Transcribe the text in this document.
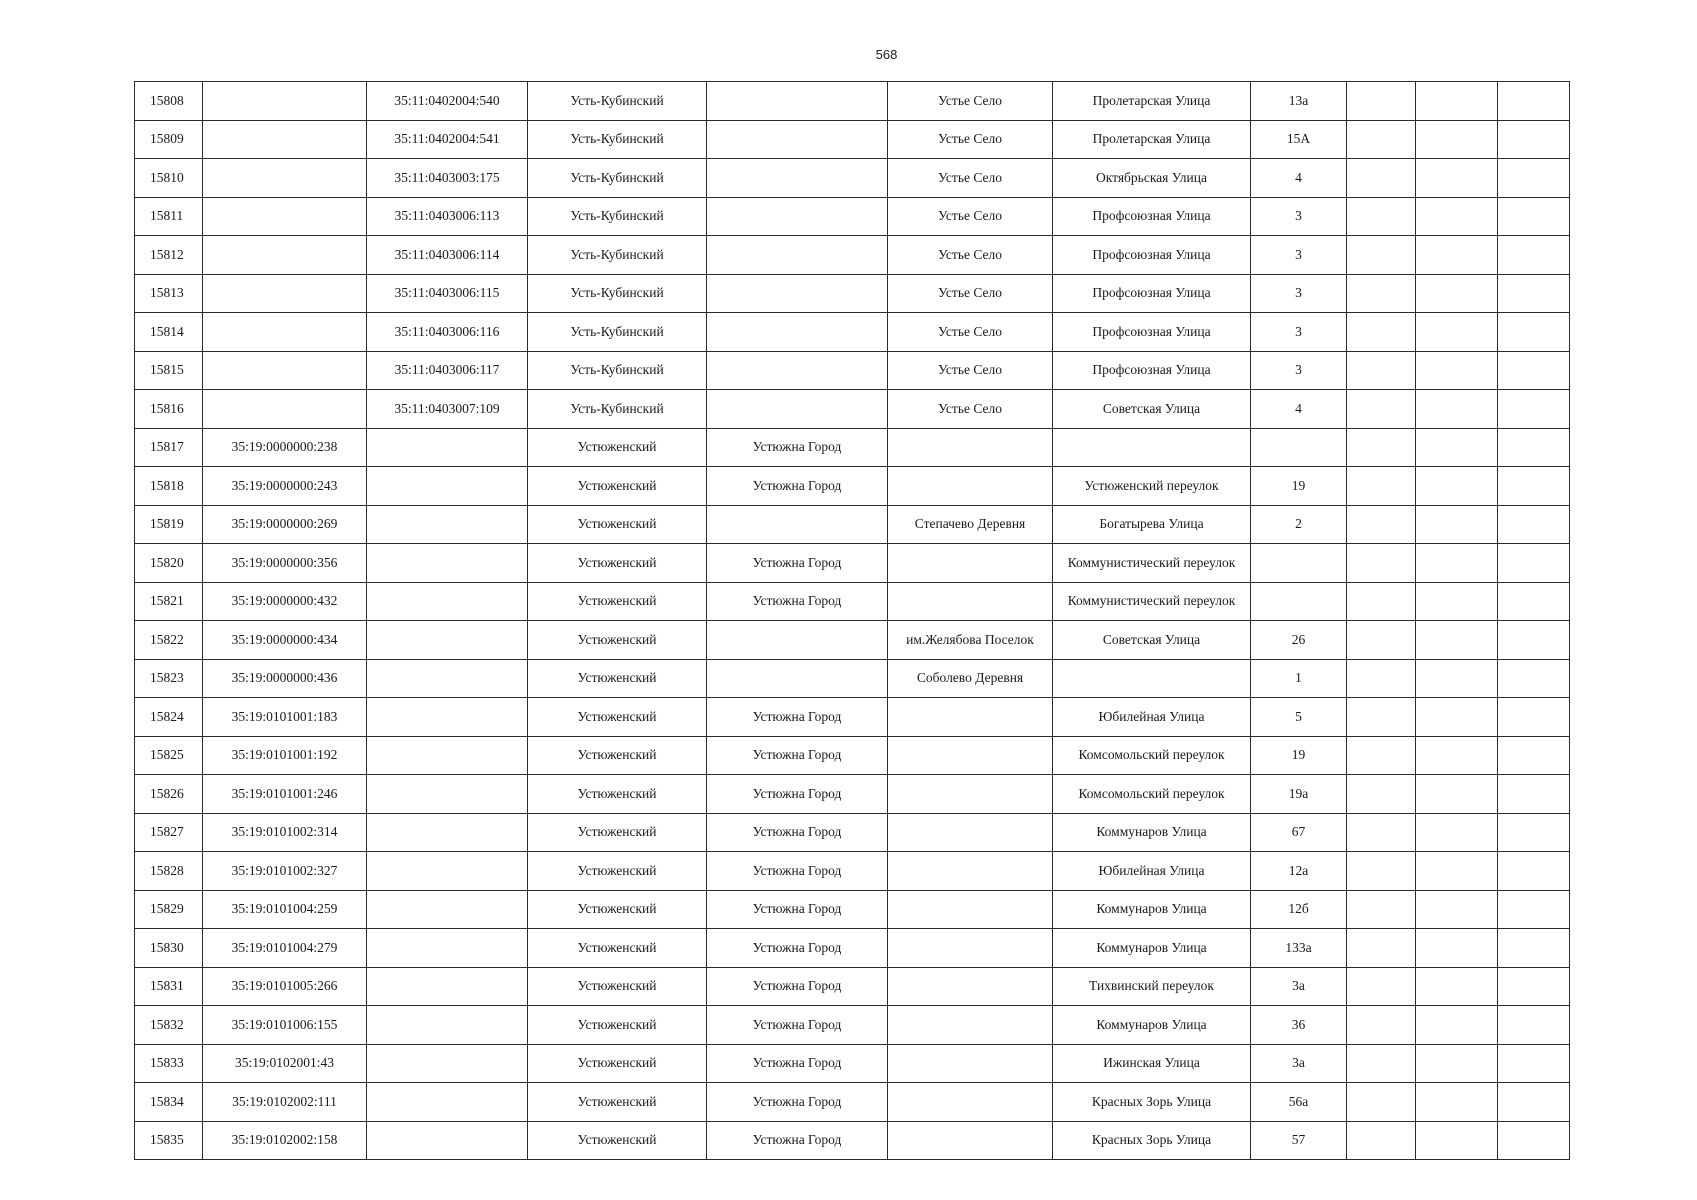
568
15808		35:11:0402004:540	Усть-Кубинский		Устье Село	Пролетарская Улица	13а			
15809		35:11:0402004:541	Усть-Кубинский		Устье Село	Пролетарская Улица	15А			
15810		35:11:0403003:175	Усть-Кубинский		Устье Село	Октябрьская Улица	4			
15811		35:11:0403006:113	Усть-Кубинский		Устье Село	Профсоюзная Улица	3			
15812		35:11:0403006:114	Усть-Кубинский		Устье Село	Профсоюзная Улица	3			
15813		35:11:0403006:115	Усть-Кубинский		Устье Село	Профсоюзная Улица	3			
15814		35:11:0403006:116	Усть-Кубинский		Устье Село	Профсоюзная Улица	3			
15815		35:11:0403006:117	Усть-Кубинский		Устье Село	Профсоюзная Улица	3			
15816		35:11:0403007:109	Усть-Кубинский		Устье Село	Советская Улица	4			
15817	35:19:0000000:238		Устюженский	Устюжна Город						
15818	35:19:0000000:243		Устюженский	Устюжна Город		Устюженский переулок	19			
15819	35:19:0000000:269		Устюженский		Степачево Деревня	Богатырева Улица	2			
15820	35:19:0000000:356		Устюженский	Устюжна Город		Коммунистический переулок				
15821	35:19:0000000:432		Устюженский	Устюжна Город		Коммунистический переулок				
15822	35:19:0000000:434		Устюженский		им.Желябова Поселок	Советская Улица	26			
15823	35:19:0000000:436		Устюженский		Соболево Деревня		1			
15824	35:19:0101001:183		Устюженский	Устюжна Город		Юбилейная Улица	5			
15825	35:19:0101001:192		Устюженский	Устюжна Город		Комсомольский переулок	19			
15826	35:19:0101001:246		Устюженский	Устюжна Город		Комсомольский переулок	19а			
15827	35:19:0101002:314		Устюженский	Устюжна Город		Коммунаров Улица	67			
15828	35:19:0101002:327		Устюженский	Устюжна Город		Юбилейная Улица	12а			
15829	35:19:0101004:259		Устюженский	Устюжна Город		Коммунаров Улица	12б			
15830	35:19:0101004:279		Устюженский	Устюжна Город		Коммунаров Улица	133а			
15831	35:19:0101005:266		Устюженский	Устюжна Город		Тихвинский переулок	3а			
15832	35:19:0101006:155		Устюженский	Устюжна Город		Коммунаров Улица	36			
15833	35:19:0102001:43		Устюженский	Устюжна Город		Ижинская Улица	3а			
15834	35:19:0102002:111		Устюженский	Устюжна Город		Красных Зорь Улица	56а			
15835	35:19:0102002:158		Устюженский	Устюжна Город		Красных Зорь Улица	57			
